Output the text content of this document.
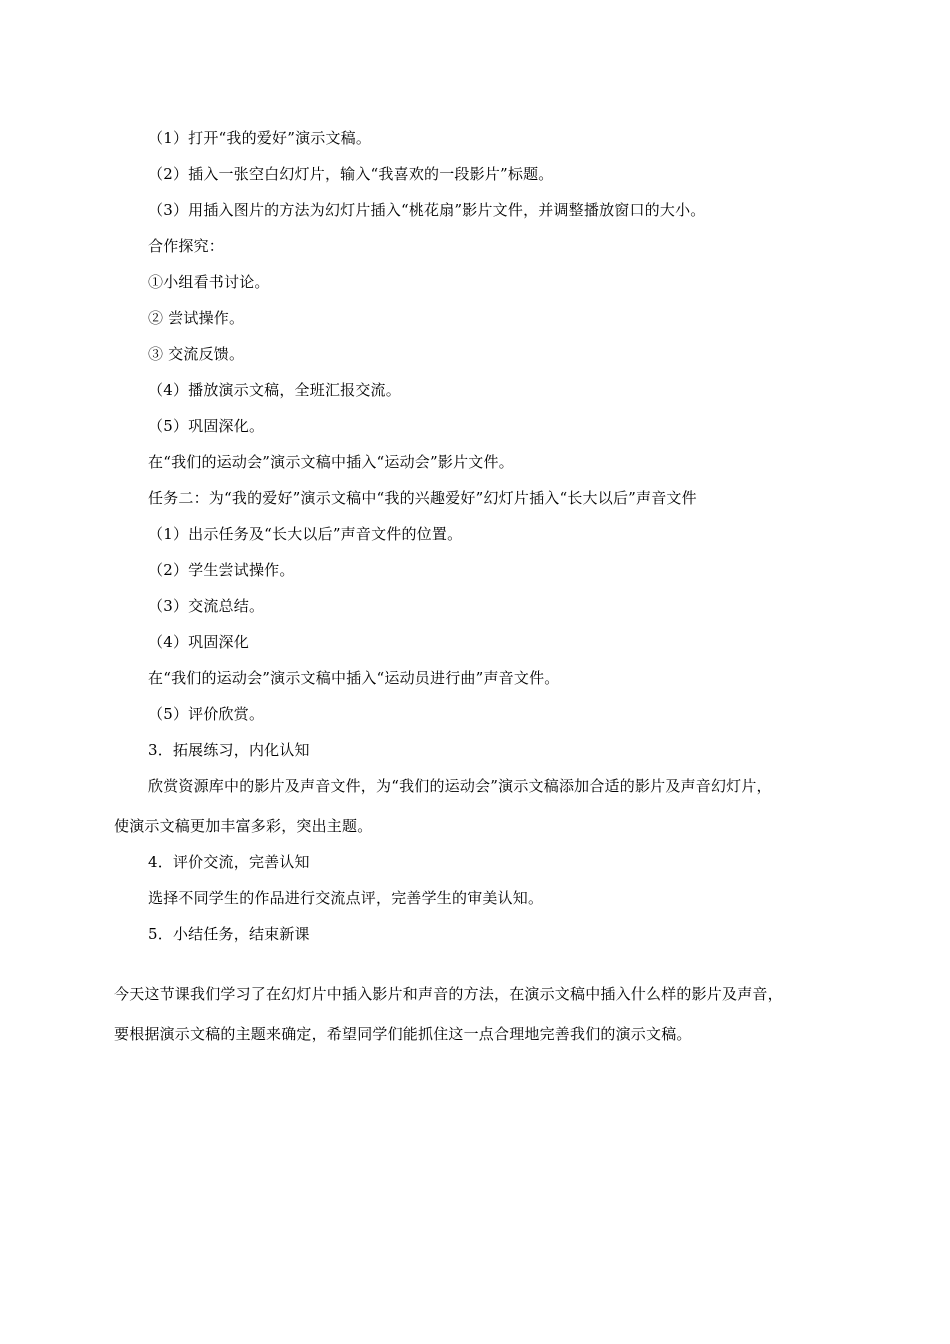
（1）打开“我的爱好”演示文稿。
（2）插入一张空白幻灯片，输入“我喜欢的一段影片”标题。
（3）用插入图片的方法为幻灯片插入“桃花扇”影片文件，并调整播放窗口的大小。
合作探究：
①小组看书讨论。
② 尝试操作。
③ 交流反馈。
（4）播放演示文稿，全班汇报交流。
（5）巩固深化。
在“我们的运动会”演示文稿中插入“运动会”影片文件。
任务二：为“我的爱好”演示文稿中“我的兴趣爱好”幻灯片插入“长大以后”声音文件
（1）出示任务及“长大以后”声音文件的位置。
（2）学生尝试操作。
（3）交流总结。
（4）巩固深化
在“我们的运动会”演示文稿中插入“运动员进行曲”声音文件。
（5）评价欣赏。
3．拓展练习，内化认知
欣赏资源库中的影片及声音文件，为“我们的运动会”演示文稿添加合适的影片及声音幻灯片，
使演示文稿更加丰富多彩，突出主题。
4．评价交流，完善认知
选择不同学生的作品进行交流点评，完善学生的审美认知。
5．小结任务，结束新课
今天这节课我们学习了在幻灯片中插入影片和声音的方法，在演示文稿中插入什么样的影片及声音，
要根据演示文稿的主题来确定，希望同学们能抓住这一点合理地完善我们的演示文稿。
